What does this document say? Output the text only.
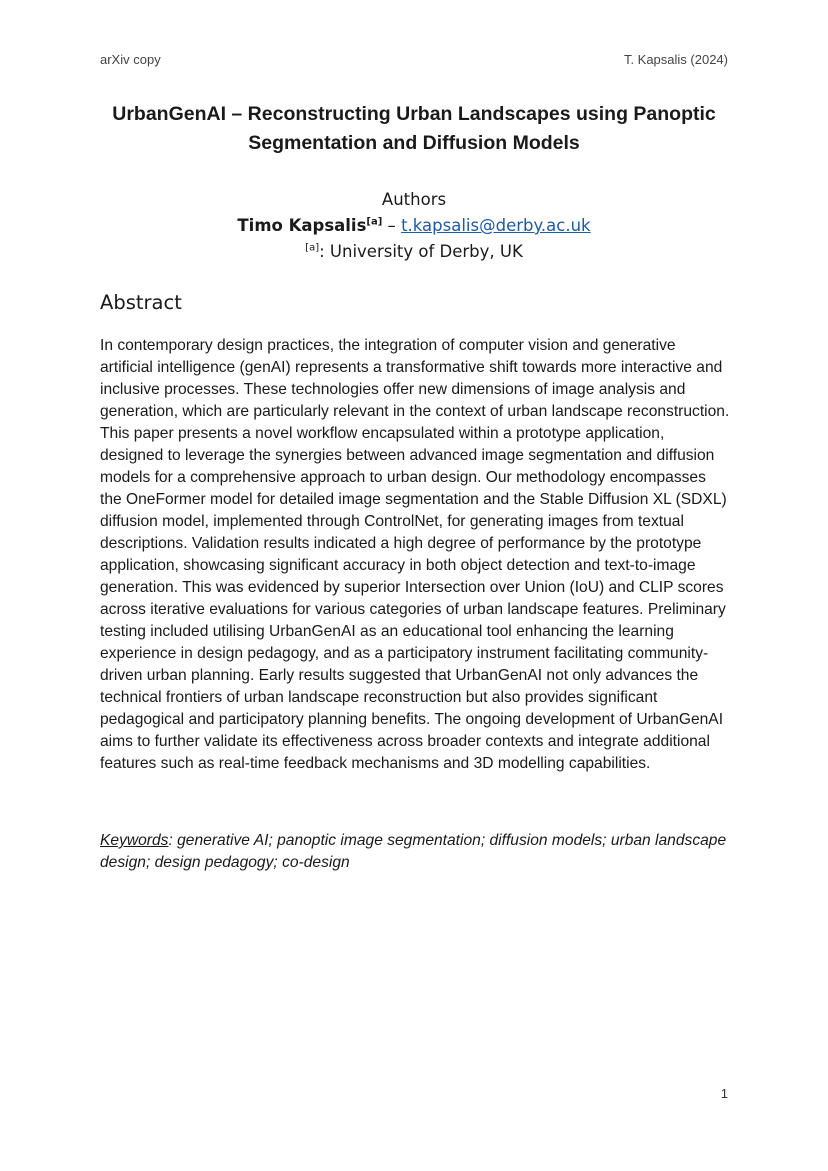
arXiv copy	T. Kapsalis (2024)
UrbanGenAI – Reconstructing Urban Landscapes using Panoptic Segmentation and Diffusion Models
Authors
Timo Kapsalis[a] – t.kapsalis@derby.ac.uk
[a]: University of Derby, UK
Abstract
In contemporary design practices, the integration of computer vision and generative artificial intelligence (genAI) represents a transformative shift towards more interactive and inclusive processes. These technologies offer new dimensions of image analysis and generation, which are particularly relevant in the context of urban landscape reconstruction. This paper presents a novel workflow encapsulated within a prototype application, designed to leverage the synergies between advanced image segmentation and diffusion models for a comprehensive approach to urban design. Our methodology encompasses the OneFormer model for detailed image segmentation and the Stable Diffusion XL (SDXL) diffusion model, implemented through ControlNet, for generating images from textual descriptions. Validation results indicated a high degree of performance by the prototype application, showcasing significant accuracy in both object detection and text-to-image generation. This was evidenced by superior Intersection over Union (IoU) and CLIP scores across iterative evaluations for various categories of urban landscape features. Preliminary testing included utilising UrbanGenAI as an educational tool enhancing the learning experience in design pedagogy, and as a participatory instrument facilitating community-driven urban planning. Early results suggested that UrbanGenAI not only advances the technical frontiers of urban landscape reconstruction but also provides significant pedagogical and participatory planning benefits. The ongoing development of UrbanGenAI aims to further validate its effectiveness across broader contexts and integrate additional features such as real-time feedback mechanisms and 3D modelling capabilities.
Keywords: generative AI; panoptic image segmentation; diffusion models; urban landscape design; design pedagogy; co-design
1
